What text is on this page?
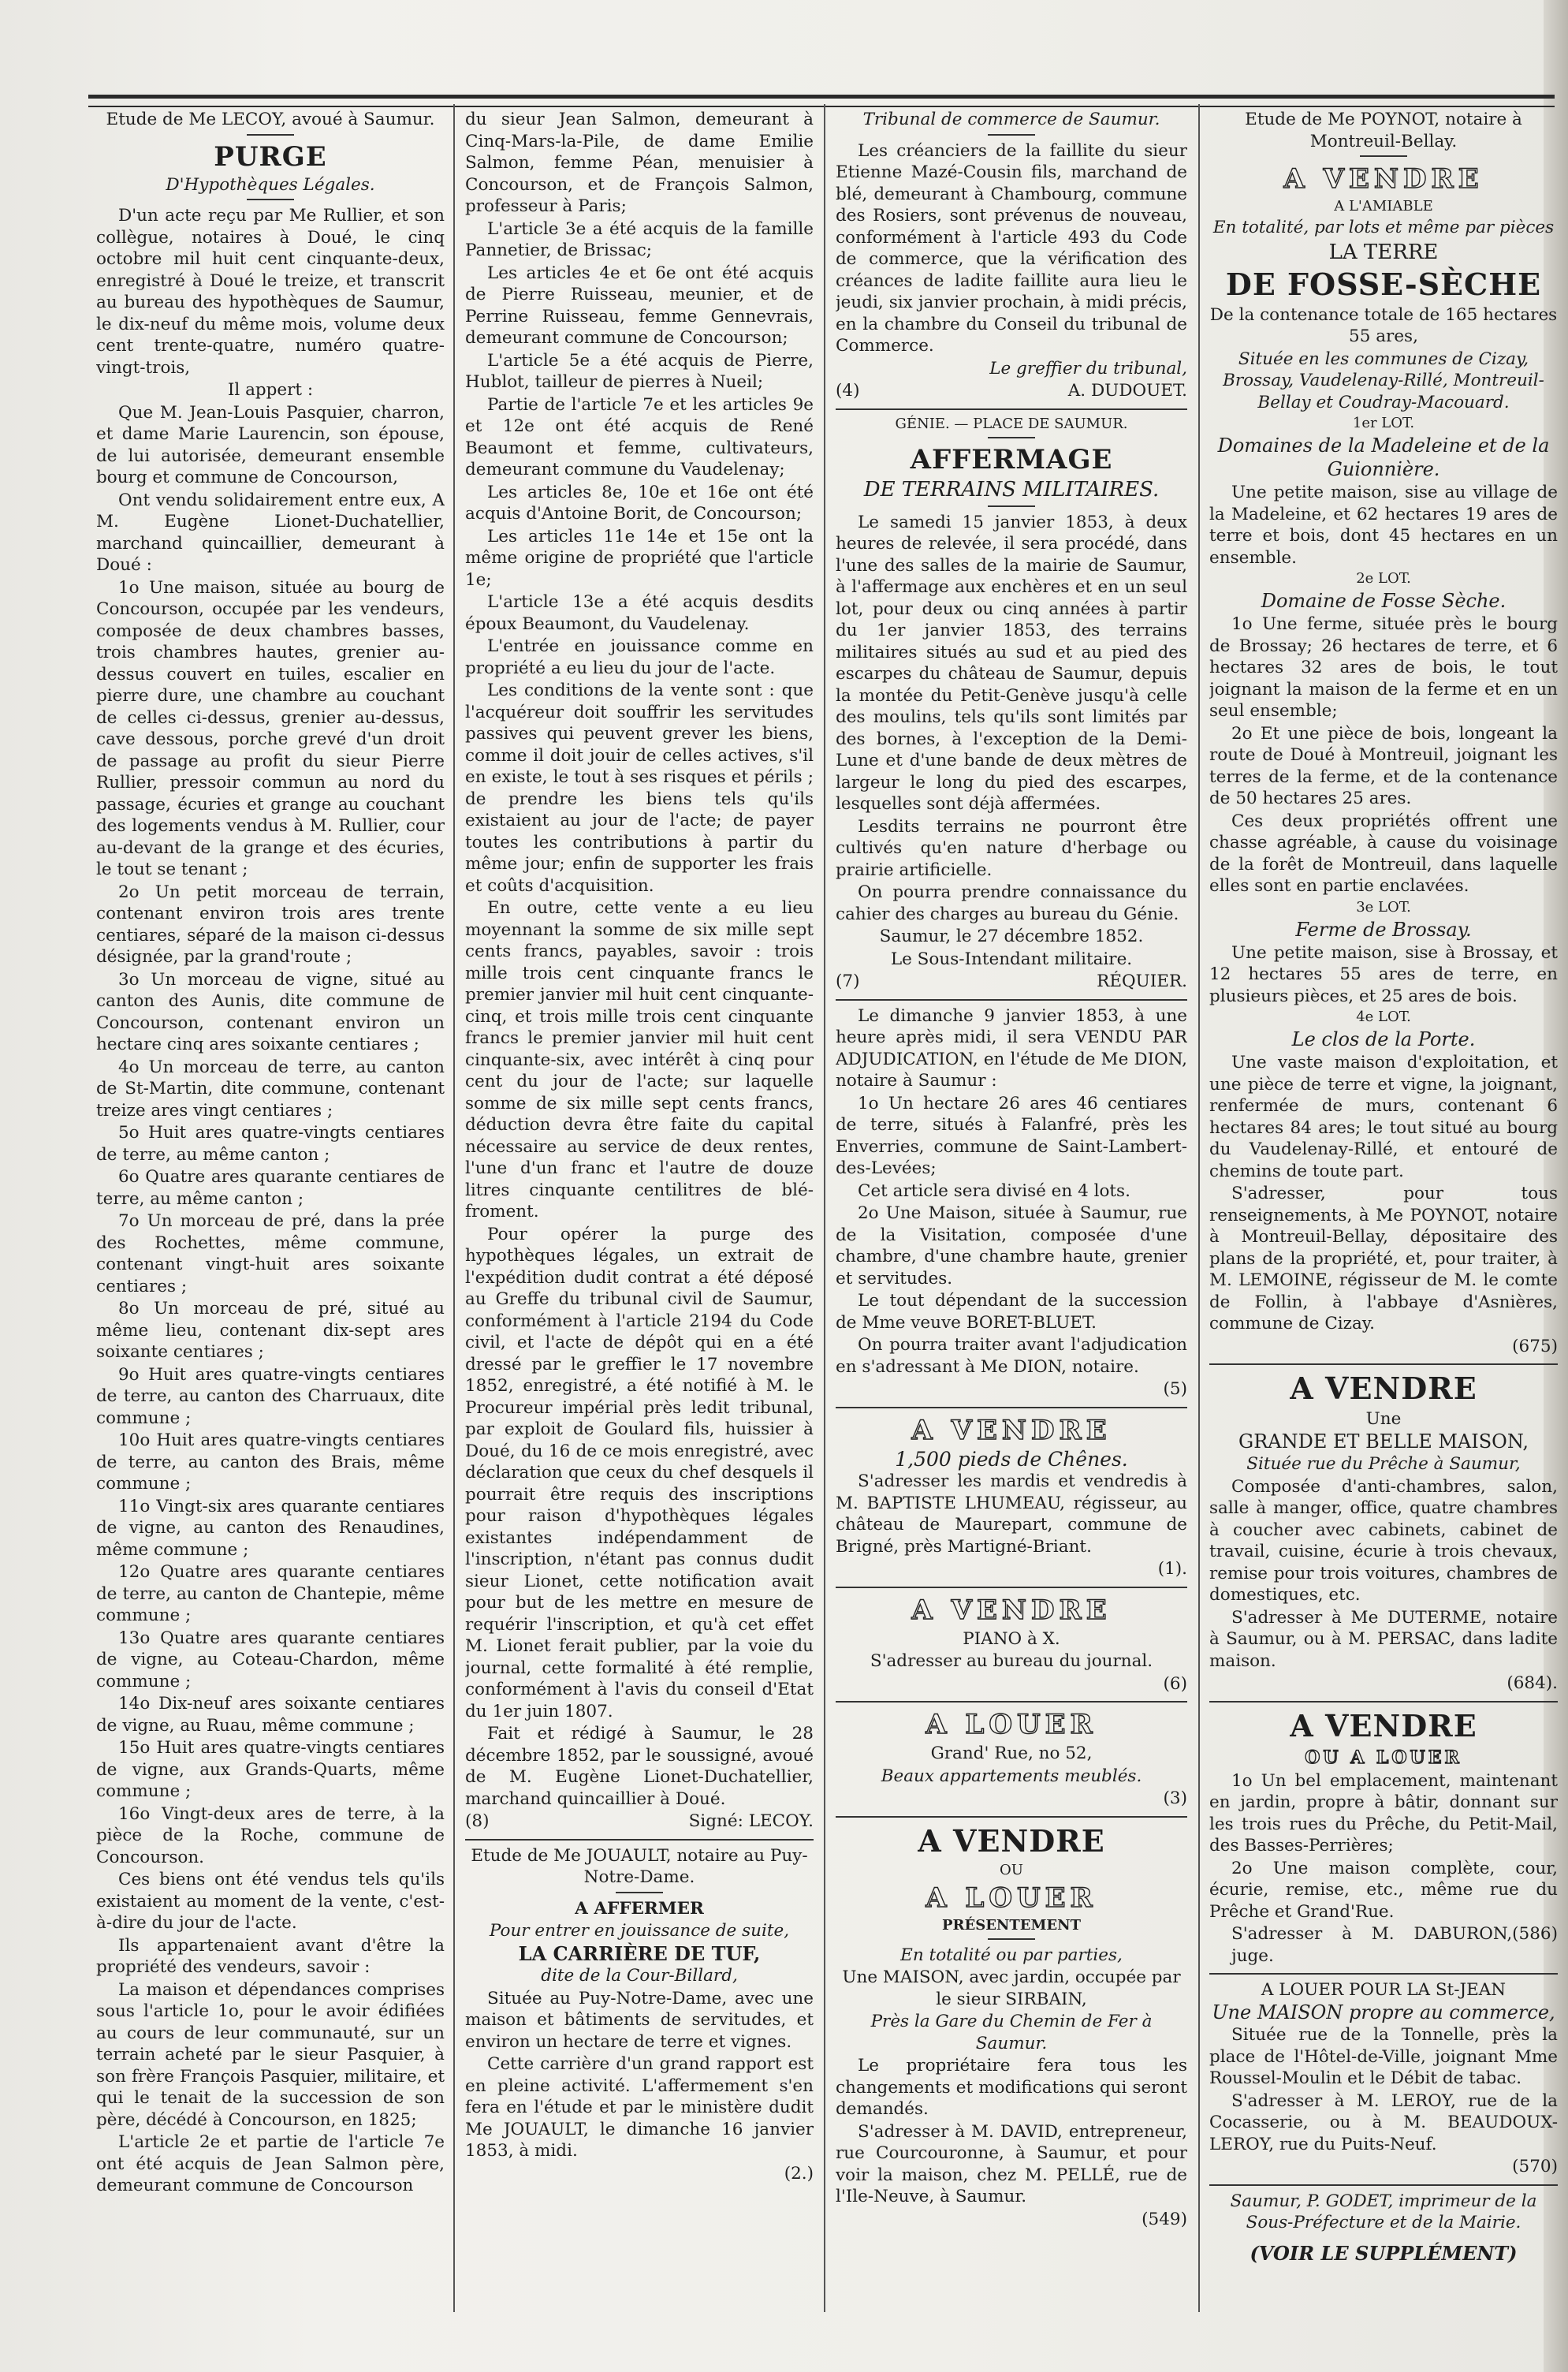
Etude de Me LECOY, avoué à Saumur.

PURGE

D'Hypothèques Légales.

D'un acte reçu par Me Rullier, et son collègue, notaires à Doué, le cinq octobre mil huit cent cinquante-deux, enregistré à Doué le treize, et transcrit au bureau des hypothèques de Saumur, le dix-neuf du même mois, volume deux cent trente-quatre, numéro quatre-vingt-trois,

Il appert :

Que M. Jean-Louis Pasquier, charron, et dame Marie Laurencin, son épouse, de lui autorisée, demeurant ensemble bourg et commune de Concourson,

Ont vendu solidairement entre eux, A M. Eugène Lionet-Duchatellier, marchand quincaillier, demeurant à Doué :

1o Une maison, située au bourg de Concourson, occupée par les vendeurs, composée de deux chambres basses, trois chambres hautes, grenier au-dessus couvert en tuiles, escalier en pierre dure, une chambre au couchant de celles ci-dessus, grenier au-dessus, cave dessous, porche grevé d'un droit de passage au profit du sieur Pierre Rullier, pressoir commun au nord du passage, écuries et grange au couchant des logements vendus à M. Rullier, cour au-devant de la grange et des écuries, le tout se tenant ;

2o Un petit morceau de terrain, contenant environ trois ares trente centiares, séparé de la maison ci-dessus désignée, par la grand'route ;

3o Un morceau de vigne, situé au canton des Aunis, dite commune de Concourson, contenant environ un hectare cinq ares soixante centiares ;

4o Un morceau de terre, au canton de St-Martin, dite commune, contenant treize ares vingt centiares ;

5o Huit ares quatre-vingts centiares de terre, au même canton ;

6o Quatre ares quarante centiares de terre, au même canton ;

7o Un morceau de pré, dans la prée des Rochettes, même commune, contenant vingt-huit ares soixante centiares ;

8o Un morceau de pré, situé au même lieu, contenant dix-sept ares soixante centiares ;

9o Huit ares quatre-vingts centiares de terre, au canton des Charruaux, dite commune ;

10o Huit ares quatre-vingts centiares de terre, au canton des Brais, même commune ;

11o Vingt-six ares quarante centiares de vigne, au canton des Renaudines, même commune ;

12o Quatre ares quarante centiares de terre, au canton de Chantepie, même commune ;

13o Quatre ares quarante centiares de vigne, au Coteau-Chardon, même commune ;

14o Dix-neuf ares soixante centiares de vigne, au Ruau, même commune ;

15o Huit ares quatre-vingts centiares de vigne, aux Grands-Quarts, même commune ;

16o Vingt-deux ares de terre, à la pièce de la Roche, commune de Concourson.

Ces biens ont été vendus tels qu'ils existaient au moment de la vente, c'est-à-dire du jour de l'acte.

Ils appartenaient avant d'être la propriété des vendeurs, savoir :

La maison et dépendances comprises sous l'article 1o, pour le avoir édifiées au cours de leur communauté, sur un terrain acheté par le sieur Pasquier, à son frère François Pasquier, militaire, et qui le tenait de la succession de son père, décédé à Concourson, en 1825;

L'article 2e et partie de l'article 7e ont été acquis de Jean Salmon père, demeurant commune de Concourson

du sieur Jean Salmon, demeurant à Cinq-Mars-la-Pile, de dame Emilie Salmon, femme Péan, menuisier à Concourson, et de François Salmon, professeur à Paris;

L'article 3e a été acquis de la famille Pannetier, de Brissac;

Les articles 4e et 6e ont été acquis de Pierre Ruisseau, meunier, et de Perrine Ruisseau, femme Gennevrais, demeurant commune de Concourson;

L'article 5e a été acquis de Pierre, Hublot, tailleur de pierres à Nueil;

Partie de l'article 7e et les articles 9e et 12e ont été acquis de René Beaumont et femme, cultivateurs, demeurant commune du Vaudelenay;

Les articles 8e, 10e et 16e ont été acquis d'Antoine Borit, de Concourson;

Les articles 11e 14e et 15e ont la même origine de propriété que l'article 1e;

L'article 13e a été acquis desdits époux Beaumont, du Vaudelenay.

L'entrée en jouissance comme en propriété a eu lieu du jour de l'acte.

Les conditions de la vente sont : que l'acquéreur doit souffrir les servitudes passives qui peuvent grever les biens, comme il doit jouir de celles actives, s'il en existe, le tout à ses risques et périls ; de prendre les biens tels qu'ils existaient au jour de l'acte; de payer toutes les contributions à partir du même jour; enfin de supporter les frais et coûts d'acquisition.

En outre, cette vente a eu lieu moyennant la somme de six mille sept cents francs, payables, savoir : trois mille trois cent cinquante francs le premier janvier mil huit cent cinquante-cinq, et trois mille trois cent cinquante francs le premier janvier mil huit cent cinquante-six, avec intérêt à cinq pour cent du jour de l'acte; sur laquelle somme de six mille sept cents francs, déduction devra être faite du capital nécessaire au service de deux rentes, l'une d'un franc et l'autre de douze litres cinquante centilitres de blé-froment.

Pour opérer la purge des hypothèques légales, un extrait de l'expédition dudit contrat a été déposé au Greffe du tribunal civil de Saumur, conformément à l'article 2194 du Code civil, et l'acte de dépôt qui en a été dressé par le greffier le 17 novembre 1852, enregistré, a été notifié à M. le Procureur impérial près ledit tribunal, par exploit de Goulard fils, huissier à Doué, du 16 de ce mois enregistré, avec déclaration que ceux du chef desquels il pourrait être requis des inscriptions pour raison d'hypothèques légales existantes indépendamment de l'inscription, n'étant pas connus dudit sieur Lionet, cette notification avait pour but de les mettre en mesure de requérir l'inscription, et qu'à cet effet M. Lionet ferait publier, par la voie du journal, cette formalité à été remplie, conformément à l'avis du conseil d'Etat du 1er juin 1807.

Fait et rédigé à Saumur, le 28 décembre 1852, par le soussigné, avoué de M. Eugène Lionet-Duchatellier, marchand quincaillier à Doué.

(8)	Signé: LECOY.

Etude de Me JOUAULT, notaire au Puy-Notre-Dame.

A AFFERMER

Pour entrer en jouissance de suite,

LA CARRIÈRE DE TUF,

dite de la Cour-Billard,

Située au Puy-Notre-Dame, avec une maison et bâtiments de servitudes, et environ un hectare de terre et vignes.

Cette carrière d'un grand rapport est en pleine activité. L'affermement s'en fera en l'étude et par le ministère dudit Me JOUAULT, le dimanche 16 janvier 1853, à midi.

(2.)

Tribunal de commerce de Saumur.

Les créanciers de la faillite du sieur Etienne Mazé-Cousin fils, marchand de blé, demeurant à Chambourg, commune des Rosiers, sont prévenus de nouveau, conformément à l'article 493 du Code de commerce, que la vérification des créances de ladite faillite aura lieu le jeudi, six janvier prochain, à midi précis, en la chambre du Conseil du tribunal de Commerce.

Le greffier du tribunal,

(4)	A. DUDOUET.

GÉNIE. — PLACE DE SAUMUR.

AFFERMAGE

DE TERRAINS MILITAIRES.

Le samedi 15 janvier 1853, à deux heures de relevée, il sera procédé, dans l'une des salles de la mairie de Saumur, à l'affermage aux enchères et en un seul lot, pour deux ou cinq années à partir du 1er janvier 1853, des terrains militaires situés au sud et au pied des escarpes du château de Saumur, depuis la montée du Petit-Genève jusqu'à celle des moulins, tels qu'ils sont limités par des bornes, à l'exception de la Demi-Lune et d'une bande de deux mètres de largeur le long du pied des escarpes, lesquelles sont déjà affermées.

Lesdits terrains ne pourront être cultivés qu'en nature d'herbage ou prairie artificielle.

On pourra prendre connaissance du cahier des charges au bureau du Génie.

Saumur, le 27 décembre 1852.

Le Sous-Intendant militaire.

(7)	RÉQUIER.

Le dimanche 9 janvier 1853, à une heure après midi, il sera VENDU PAR ADJUDICATION, en l'étude de Me DION, notaire à Saumur :

1o Un hectare 26 ares 46 centiares de terre, situés à Falanfré, près les Enverries, commune de Saint-Lambert-des-Levées;

Cet article sera divisé en 4 lots.

2o Une Maison, située à Saumur, rue de la Visitation, composée d'une chambre, d'une chambre haute, grenier et servitudes.

Le tout dépendant de la succession de Mme veuve BORET-BLUET.

On pourra traiter avant l'adjudication en s'adressant à Me DION, notaire.

(5)

A VENDRE

1,500 pieds de Chênes.

S'adresser les mardis et vendredis à M. BAPTISTE LHUMEAU, régisseur, au château de Maurepart, commune de Brigné, près Martigné-Briant.

(1).

A VENDRE

PIANO à X.

S'adresser au bureau du journal.

(6)

A LOUER

Grand' Rue, no 52,

Beaux appartements meublés.

(3)

A VENDRE

OU

A LOUER

PRÉSENTEMENT

En totalité ou par parties,

Une MAISON, avec jardin, occupée par le sieur SIRBAIN,

Près la Gare du Chemin de Fer à Saumur.

Le propriétaire fera tous les changements et modifications qui seront demandés.

S'adresser à M. DAVID, entrepreneur, rue Courcouronne, à Saumur, et pour voir la maison, chez M. PELLÉ, rue de l'Ile-Neuve, à Saumur.

(549)

Etude de Me POYNOT, notaire à Montreuil-Bellay.

A VENDRE

A L'AMIABLE

En totalité, par lots et même par pièces

LA TERRE

DE FOSSE-SÈCHE

De la contenance totale de 165 hectares 55 ares,

Située en les communes de Cizay, Brossay, Vaudelenay-Rillé, Montreuil-Bellay et Coudray-Macouard.

1er LOT.

Domaines de la Madeleine et de la Guionnière.

Une petite maison, sise au village de la Madeleine, et 62 hectares 19 ares de terre et bois, dont 45 hectares en un ensemble.

2e LOT.

Domaine de Fosse Sèche.

1o Une ferme, située près le bourg de Brossay; 26 hectares de terre, et 6 hectares 32 ares de bois, le tout joignant la maison de la ferme et en un seul ensemble;

2o Et une pièce de bois, longeant la route de Doué à Montreuil, joignant les terres de la ferme, et de la contenance de 50 hectares 25 ares.

Ces deux propriétés offrent une chasse agréable, à cause du voisinage de la forêt de Montreuil, dans laquelle elles sont en partie enclavées.

3e LOT.

Ferme de Brossay.

Une petite maison, sise à Brossay, et 12 hectares 55 ares de terre, en plusieurs pièces, et 25 ares de bois.

4e LOT.

Le clos de la Porte.

Une vaste maison d'exploitation, et une pièce de terre et vigne, la joignant, renfermée de murs, contenant 6 hectares 84 ares; le tout situé au bourg du Vaudelenay-Rillé, et entouré de chemins de toute part.

S'adresser, pour tous renseignements, à Me POYNOT, notaire à Montreuil-Bellay, dépositaire des plans de la propriété, et, pour traiter, à M. LEMOINE, régisseur de M. le comte de Follin, à l'abbaye d'Asnières, commune de Cizay.

(675)

A VENDRE

Une

GRANDE ET BELLE MAISON,

Située rue du Prêche à Saumur,

Composée d'anti-chambres, salon, salle à manger, office, quatre chambres à coucher avec cabinets, cabinet de travail, cuisine, écurie à trois chevaux, remise pour trois voitures, chambres de domestiques, etc.

S'adresser à Me DUTERME, notaire à Saumur, ou à M. PERSAC, dans ladite maison.

(684).

A VENDRE

OU A LOUER

1o Un bel emplacement, maintenant en jardin, propre à bâtir, donnant sur les trois rues du Prêche, du Petit-Mail, des Basses-Perrières;

2o Une maison complète, cour, écurie, remise, etc., même rue du Prêche et Grand'Rue.

S'adresser à M. DABURON, juge.
(586)

A LOUER POUR LA St-JEAN

Une MAISON propre au commerce,

Située rue de la Tonnelle, près la place de l'Hôtel-de-Ville, joignant Mme Roussel-Moulin et le Débit de tabac.

S'adresser à M. LEROY, rue de la Cocasserie, ou à M. BEAUDOUX-LEROY, rue du Puits-Neuf.

(570)

Saumur, P. GODET, imprimeur de la Sous-Préfecture et de la Mairie.

(VOIR LE SUPPLÉMENT)
